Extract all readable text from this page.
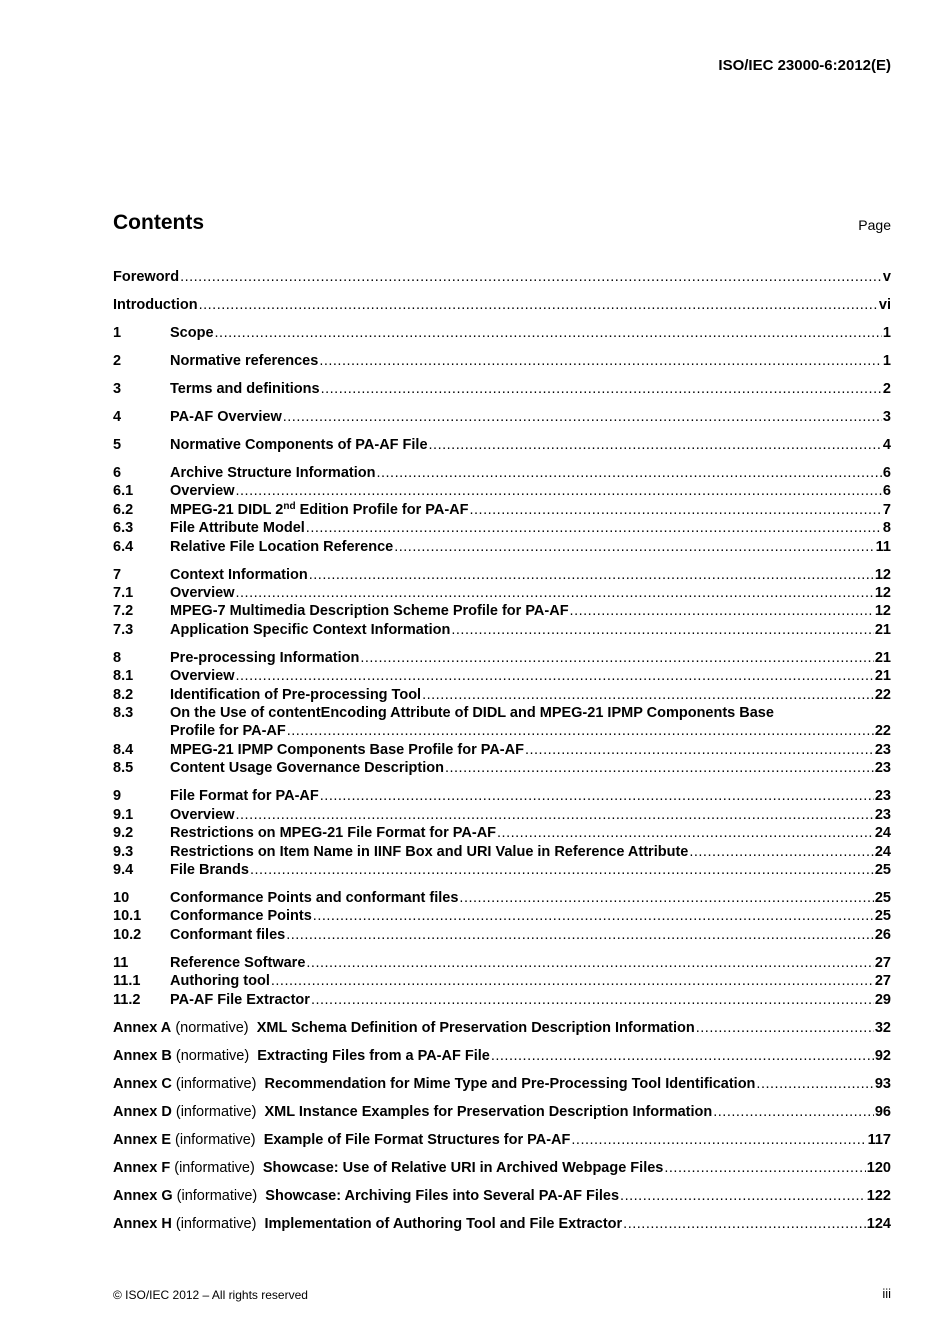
ISO/IEC 23000-6:2012(E)
Contents	Page
Foreword .....	v
Introduction .....	vi
1	Scope .....	1
2	Normative references .....	1
3	Terms and definitions .....	2
4	PA-AF Overview .....	3
5	Normative Components of PA-AF File .....	4
6	Archive Structure Information .....	6
6.1	Overview .....	6
6.2	MPEG-21 DIDL 2nd Edition Profile for PA-AF .....	7
6.3	File Attribute Model .....	8
6.4	Relative File Location Reference .....	11
7	Context Information .....	12
7.1	Overview .....	12
7.2	MPEG-7 Multimedia Description Scheme Profile for PA-AF .....	12
7.3	Application Specific Context Information .....	21
8	Pre-processing Information .....	21
8.1	Overview .....	21
8.2	Identification of Pre-processing Tool .....	22
8.3	On the Use of contentEncoding Attribute of DIDL and MPEG-21 IPMP Components Base
Profile for PA-AF .....	22
8.4	MPEG-21 IPMP Components Base Profile for PA-AF .....	23
8.5	Content Usage Governance Description .....	23
9	File Format for PA-AF .....	23
9.1	Overview .....	23
9.2	Restrictions on MPEG-21 File Format for PA-AF .....	24
9.3	Restrictions on Item Name in IINF Box and URI Value in Reference Attribute .....	24
9.4	File Brands .....	25
10	Conformance Points and conformant files .....	25
10.1	Conformance Points .....	25
10.2	Conformant files .....	26
11	Reference Software .....	27
11.1	Authoring tool .....	27
11.2	PA-AF File Extractor .....	29
Annex A (normative) XML Schema Definition of Preservation Description Information .....	32
Annex B (normative) Extracting Files from a PA-AF File .....	92
Annex C (informative) Recommendation for Mime Type and Pre-Processing Tool Identification .....	93
Annex D (informative) XML Instance Examples for Preservation Description Information .....	96
Annex E (informative) Example of File Format Structures for PA-AF .....	117
Annex F (informative) Showcase: Use of Relative URI in Archived Webpage Files .....	120
Annex G (informative) Showcase: Archiving Files into Several PA-AF Files .....	122
Annex H (informative) Implementation of Authoring Tool and File Extractor .....	124
© ISO/IEC 2012 – All rights reserved	iii
